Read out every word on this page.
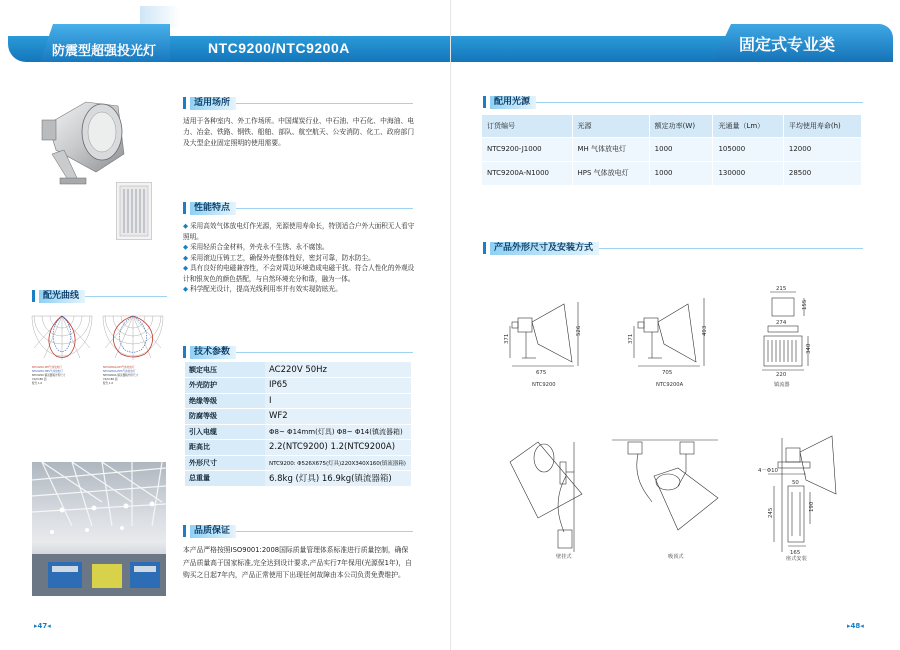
防震型超强投光灯	NTC9200/NTC9200A
适用场所
适用于各种室内、外工作场所。中国煤炭行业、中石油、中石化、中海油、电力、冶金、铁路、钢铁、船舶、部队、航空航天、公安消防、化工、政府部门及大型企业固定照明的使用需要。
性能特点
◆ 采用高效气体放电灯作光源，光源使用寿命长，特别适合户外大面积无人看守照明。
◆ 采用轻质合金材料，外壳永不生锈、永不腐蚀。
◆ 采用滚边压铸工艺，确保外壳整体性好，密封可靠，防水防尘。
◆ 具有良好的电磁兼容性，不会对周边环境造成电磁干扰。符合人性化的外观设计和银灰色的颜色搭配，与自然环境充分和谐，融为一体。
◆ 科学配光设计，提高光线利用率并有效实现防眩光。
配光曲线
NTC9200-MH气体放电灯
NTC9200-HPS气体放电灯
NTC9200 镇流器箱外形尺寸
C0/C180 面
配光 1.0
NTC9200A-MH气体放电灯
NTC9200A-HPS气体放电灯
NTC9200A 镇流器箱外形尺寸
C0/C180 面
配光 1.0
技术参数
额定电压	AC220V 50Hz
外壳防护	IP65
绝缘等级	I
防腐等级	WF2
引入电缆	Φ8~ Φ14mm(灯具) Φ8~ Φ14(镇流器箱)
距高比	2.2(NTC9200) 1.2(NTC9200A)
外形尺寸	NTC9200: Φ526X675(灯具)220X340X160(镇流器箱)
总重量	6.8kg (灯具) 16.9kg(镇流器箱)
品质保证
本产品严格按照ISO9001:2008国际质量管理体系标准进行质量控制，确保产品质量高于国家标准,完全达到设计要求,产品实行7年保用(光源保1年)，自购买之日起7年内，产品正常使用下出现任何故障由本公司负责免费维护。
▸47◂
固定式专业类
配用光源
产品外形尺寸及安装方式
▸48◂
订货编号	光源	额定功率(W)	光通量（Lm）	平均使用寿命(h)
NTC9200-J1000	MH 气体放电灯	1000	105000	12000
NTC9200A-N1000	HPS 气体放电灯	1000	130000	28500
526
371
675
493
371
705
215
155
274
340
220
4－Φ10
50
245
190
165
NTC9200	NTC9200A	镇流器
壁挂式	吸顶式	座式安装
